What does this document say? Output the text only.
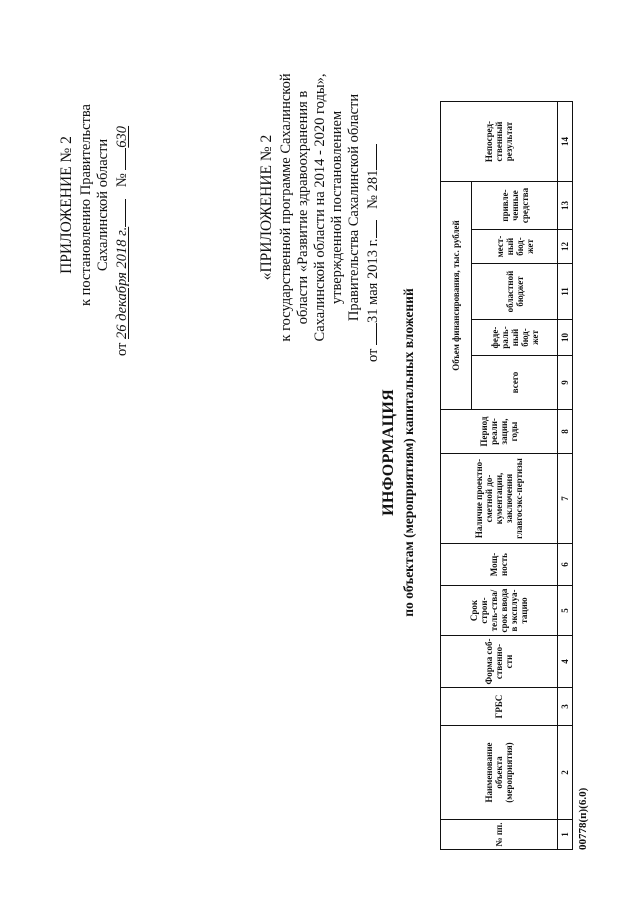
ПРИЛОЖЕНИЕ № 2 к постановлению Правительства Сахалинской области
от 26 декабря 2018 г. № 630	«ПРИЛОЖЕНИЕ № 2 к государственной программе Сахалинской области «Развитие здравоохранения в Сахалинской области на 2014 - 2020 годы», утвержденной постановлением Правительства Сахалинской области
от 31 мая 2013 г. № 281
ИНФОРМАЦИЯ по объектам (мероприятиям) капитальных вложений
№ пп.	Наименование объекта (мероприятия)	ГРБС	Форма соб-ственно-сти	Срок строи-тель-ства/срок ввода в эксплуа-тацию	Мощ-ность	Наличие проектно-сметной до-кументации, заключения главгосэкс-пертизы	Период реали-зации, годы	Объем финансирования, тыс. рублей					Непосред-ственный результат
								всего	феде-раль-ный бюд-жет	областной бюджет	мест-ный бюд-жет	привле-ченные средства	
1	2	3	4	5	6	7	8	9	10	11	12	13	14
00778(п)(6.0)
